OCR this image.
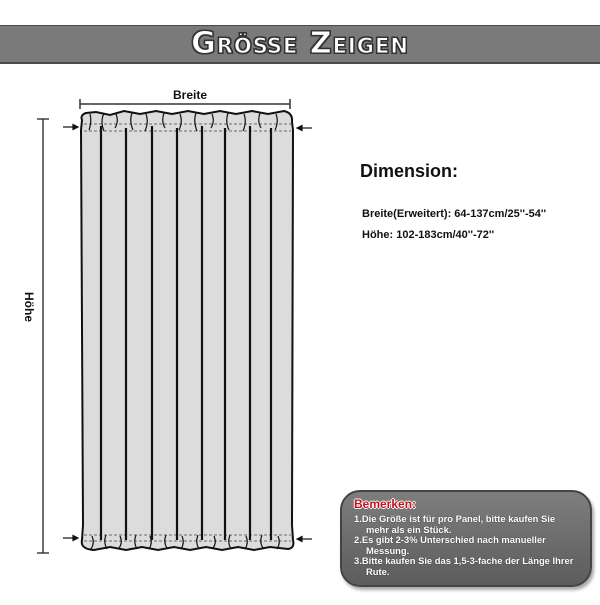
Größe Zeigen
Breite
Höhe
Dimension:
Breite(Erweitert): 64-137cm/25''-54''
Höhe: 102-183cm/40''-72''
Bemerken:
1.Die Größe ist für pro Panel, bitte kaufen Sie mehr als ein Stück.
2.Es gibt 2-3% Unterschied nach manueller Messung.
3.Bitte kaufen Sie das 1,5-3-fache der Länge Ihrer Rute.
